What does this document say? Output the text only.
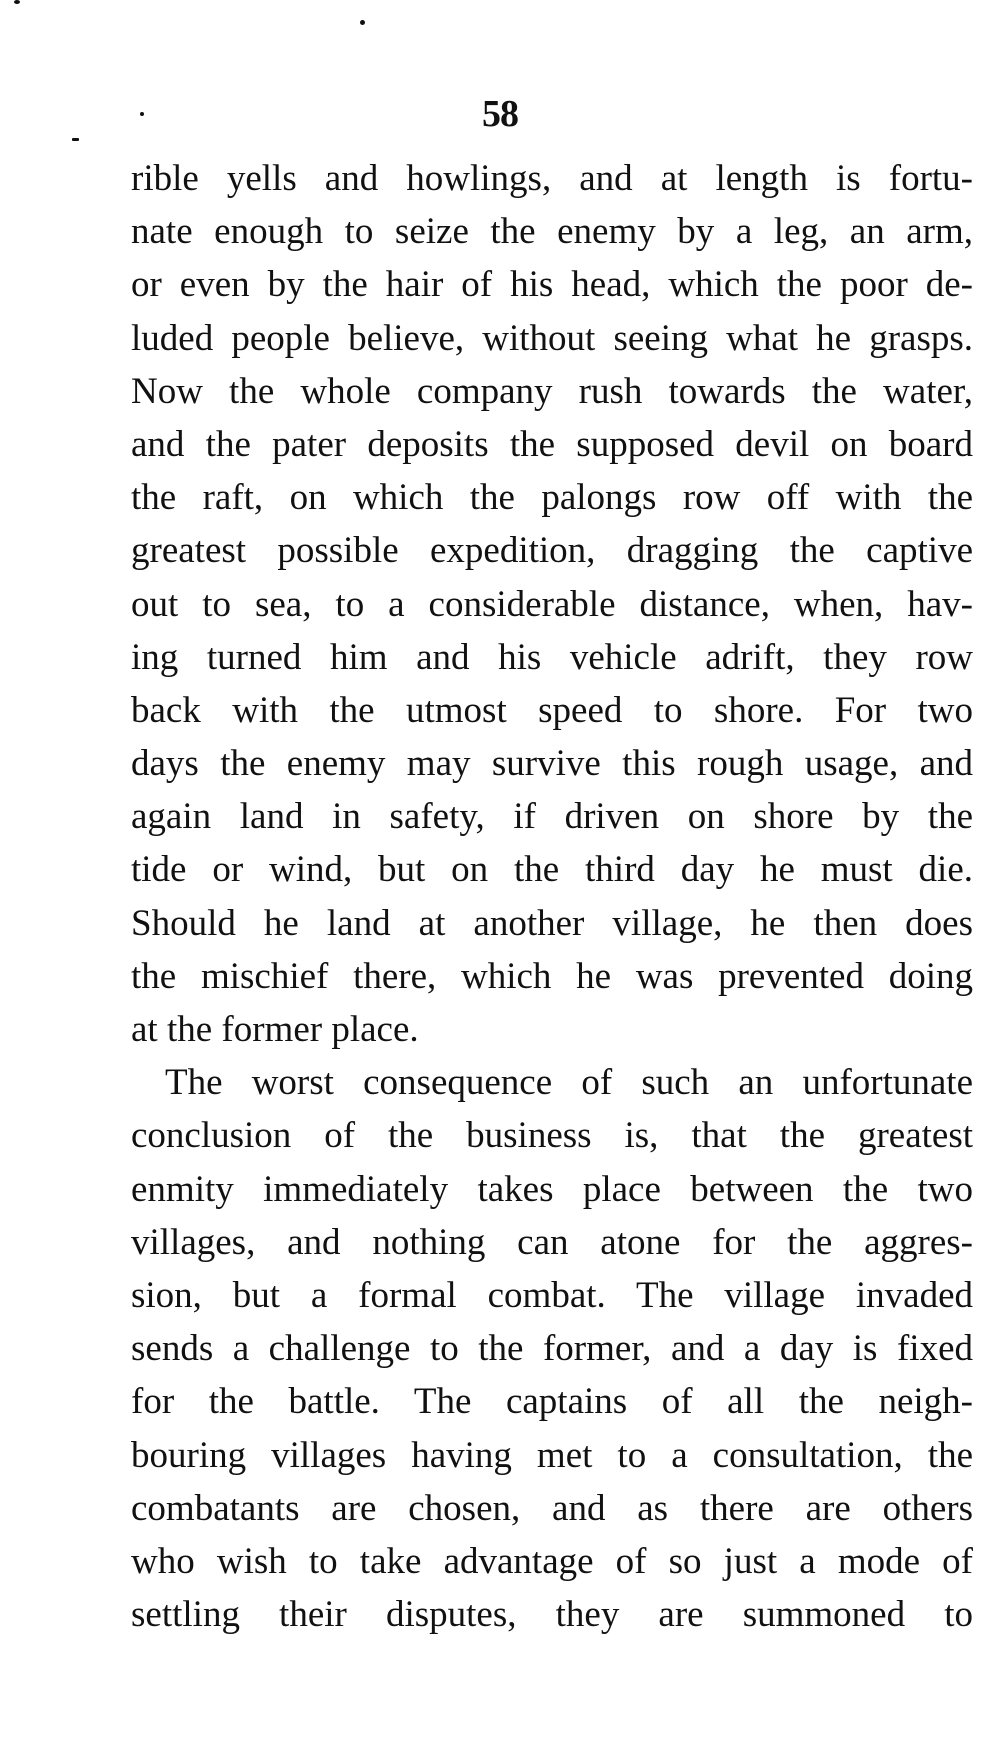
58
rible yells and howlings, and at length is fortu-
nate enough to seize the enemy by a leg, an arm,
or even by the hair of his head, which the poor de-
luded people believe, without seeing what he grasps.
Now the whole company rush towards the water,
and the pater deposits the supposed devil on board
the raft, on which the palongs row off with the
greatest possible expedition, dragging the captive
out to sea, to a considerable distance, when, hav-
ing turned him and his vehicle adrift, they row
back with the utmost speed to shore. For two
days the enemy may survive this rough usage, and
again land in safety, if driven on shore by the
tide or wind, but on the third day he must die.
Should he land at another village, he then does
the mischief there, which he was prevented doing
at the former place.
The worst consequence of such an unfortunate
conclusion of the business is, that the greatest
enmity immediately takes place between the two
villages, and nothing can atone for the aggres-
sion, but a formal combat. The village invaded
sends a challenge to the former, and a day is fixed
for the battle. The captains of all the neigh-
bouring villages having met to a consultation, the
combatants are chosen, and as there are others
who wish to take advantage of so just a mode of
settling their disputes, they are summoned to
